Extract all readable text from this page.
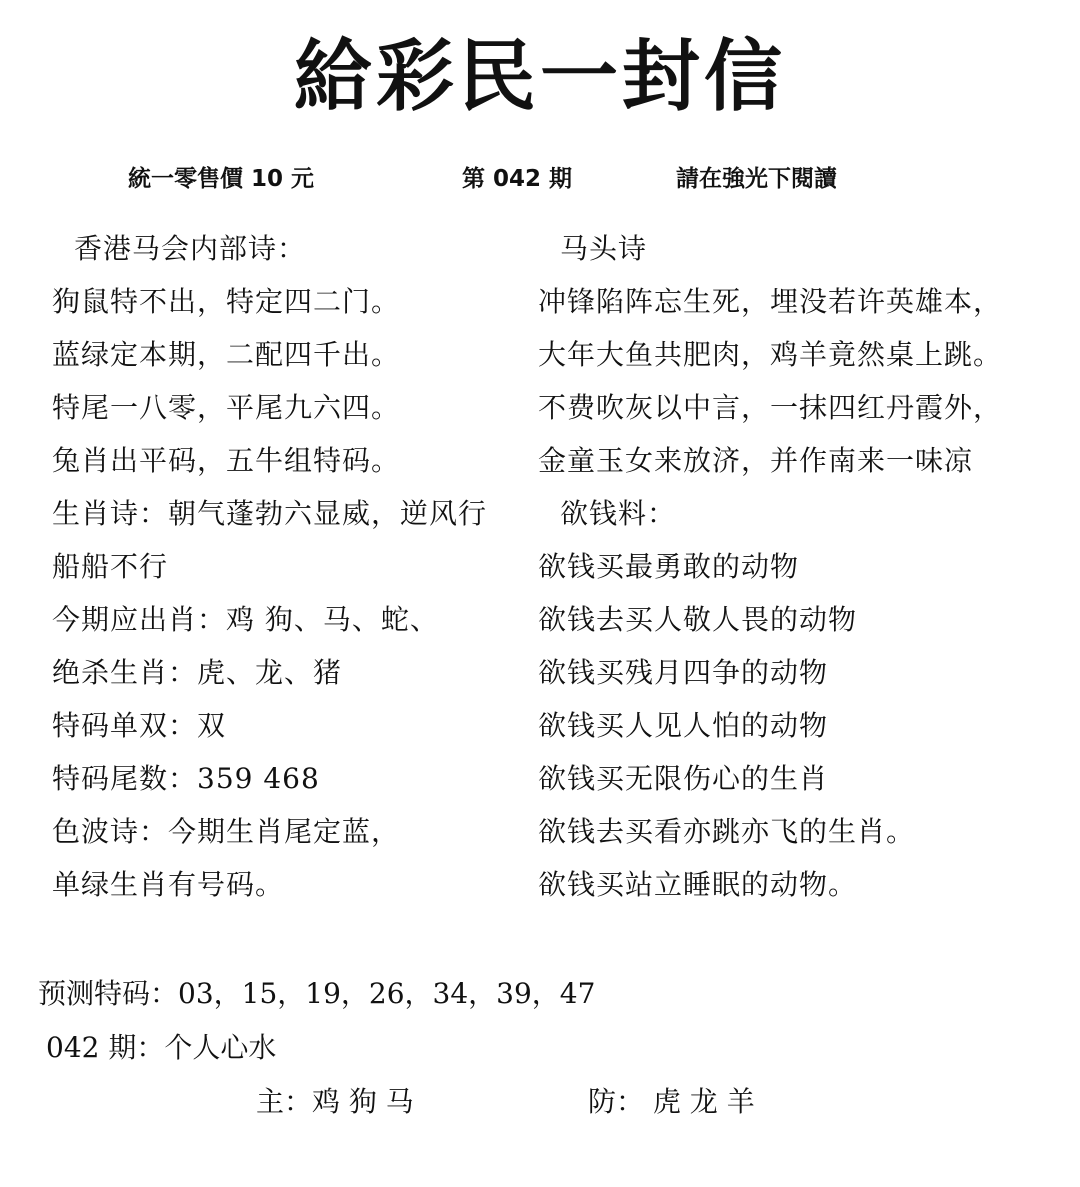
給彩民一封信
統一零售價 10 元	第 042 期	請在強光下閱讀
香港马会内部诗：
狗鼠特不出，特定四二门。
蓝绿定本期，二配四千出。
特尾一八零，平尾九六四。
兔肖出平码，五牛组特码。
生肖诗：朝气蓬勃六显威，逆风行
船船不行
今期应出肖：鸡 狗、马、蛇、
绝杀生肖：虎、龙、猪
特码单双：双
特码尾数：359 468
色波诗：今期生肖尾定蓝，
单绿生肖有号码。
马头诗
冲锋陷阵忘生死，埋没若许英雄本，
大年大鱼共肥肉，鸡羊竟然桌上跳。
不费吹灰以中言，一抹四红丹霞外，
金童玉女来放济，并作南来一味凉
欲钱料：
欲钱买最勇敢的动物
欲钱去买人敬人畏的动物
欲钱买残月四争的动物
欲钱买人见人怕的动物
欲钱买无限伤心的生肖
欲钱去买看亦跳亦飞的生肖。
欲钱买站立睡眠的动物。
预测特码：03，15，19，26，34，39，47
042 期：个人心水
主：鸡 狗 马	防： 虎 龙 羊
